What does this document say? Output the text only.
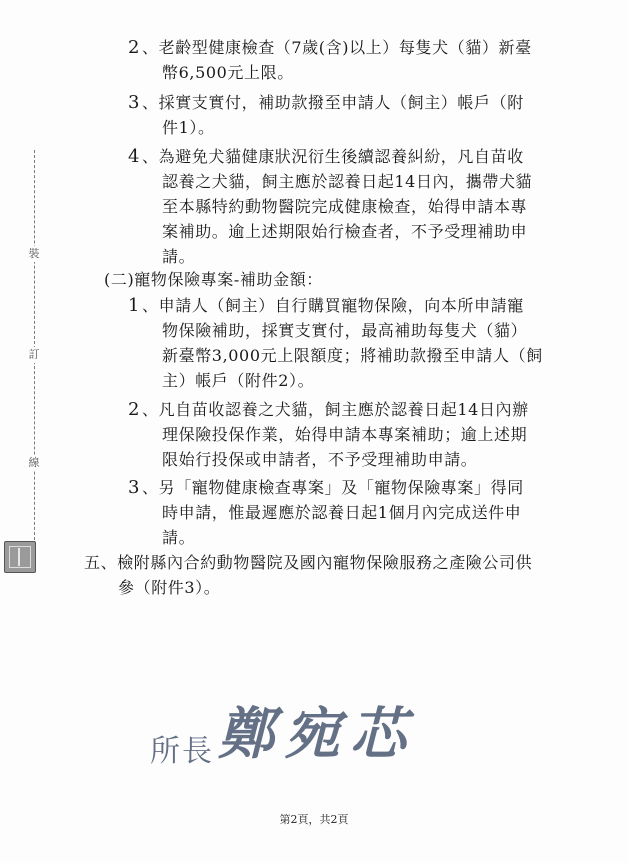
裝
訂
線
2 、老齡型健康檢查（7歲(含)以上）每隻犬（貓）新臺
幣6,500元上限。
3 、採實支實付，補助款撥至申請人（飼主）帳戶（附
件1）。
4 、為避免犬貓健康狀況衍生後續認養糾紛，凡自苗收
認養之犬貓，飼主應於認養日起14日內，攜帶犬貓
至本縣特約動物醫院完成健康檢查，始得申請本專
案補助。逾上述期限始行檢查者，不予受理補助申
請。
(二)寵物保險專案-補助金額：
1 、申請人（飼主）自行購買寵物保險，向本所申請寵
物保險補助，採實支實付，最高補助每隻犬（貓）
新臺幣3,000元上限額度；將補助款撥至申請人（飼
主）帳戶（附件2）。
2 、凡自苗收認養之犬貓，飼主應於認養日起14日內辦
理保險投保作業，始得申請本專案補助；逾上述期
限始行投保或申請者，不予受理補助申請。
3 、另「寵物健康檢查專案」及「寵物保險專案」得同
時申請，惟最遲應於認養日起1個月內完成送件申
請。
五、檢附縣內合約動物醫院及國內寵物保險服務之產險公司供
參（附件3）。
所長鄭宛芯
第2頁，共2頁
